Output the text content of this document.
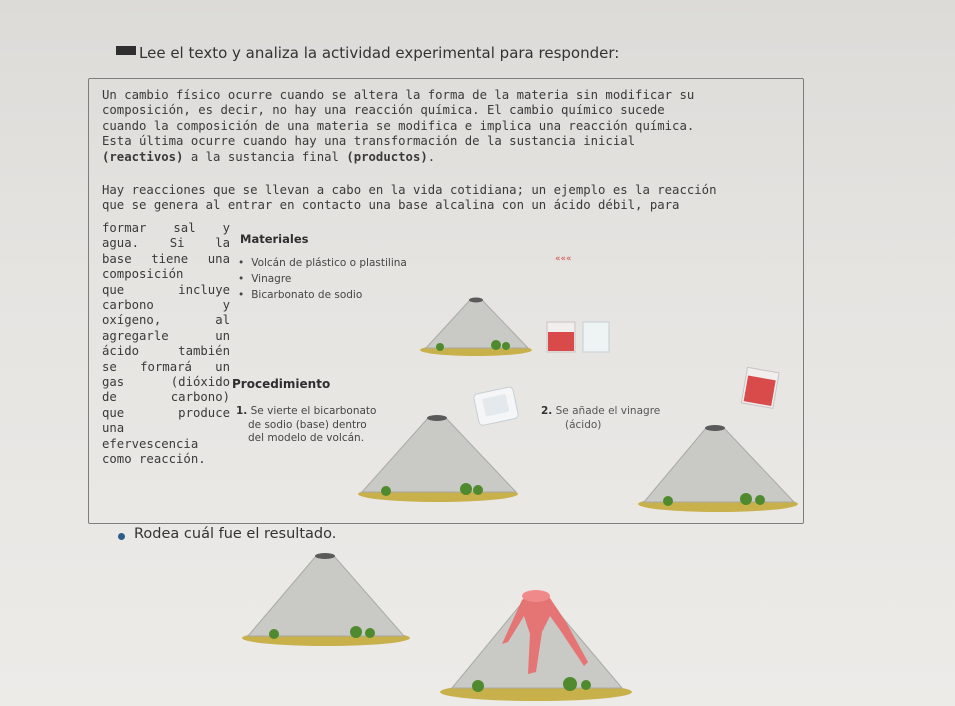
Lee el texto y analiza la actividad experimental para responder:
Un cambio físico ocurre cuando se altera la forma de la materia sin modificar su
composición, es decir, no hay una reacción química. El cambio químico sucede
cuando la composición de una materia se modifica e implica una reacción química.
Esta última ocurre cuando hay una transformación de la sustancia inicial
(reactivos) a la sustancia final (productos).
Hay reacciones que se llevan a cabo en la vida cotidiana; un ejemplo es la reacción
que se genera al entrar en contacto una base alcalina con un ácido débil, para
formar sal y
agua. Si la
base tiene una
composición
que incluye
carbono y
oxígeno, al
agregarle un
ácido también
se formará un
gas (dióxido
de carbono)
que produce
una
efervescencia
como reacción.
Materiales
• Volcán de plástico o plastilina
• Vinagre
• Bicarbonato de sodio
«««
Procedimiento
1. Se vierte el bicarbonato
de sodio (base) dentro
del modelo de volcán.
2. Se añade el vinagre
(ácido)
Rodea cuál fue el resultado.
